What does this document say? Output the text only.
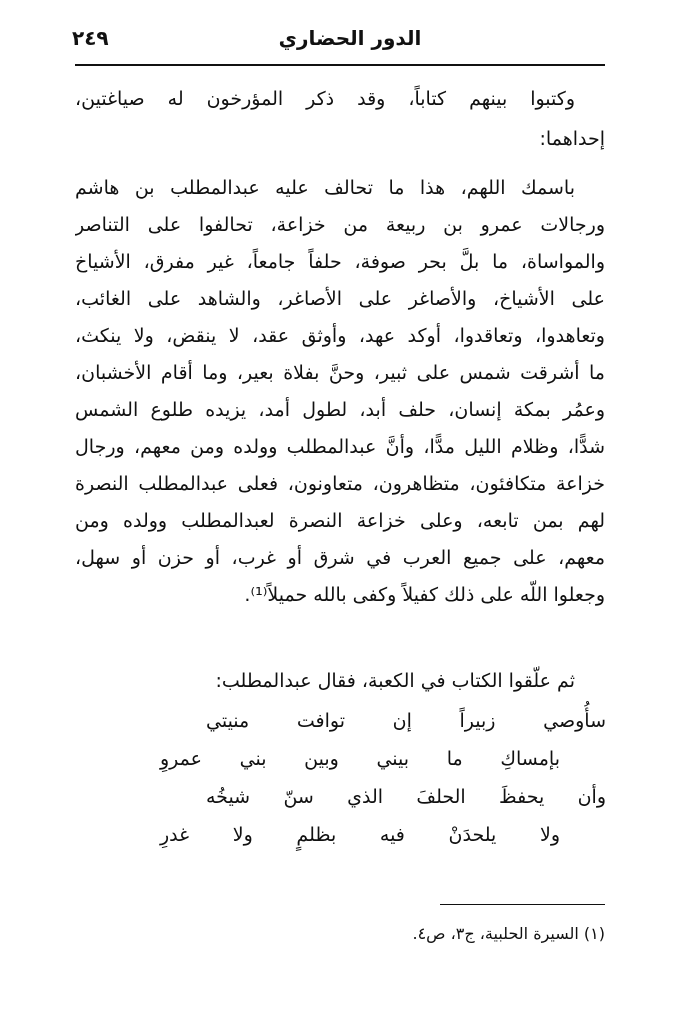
٢٤٩	الدور الحضاري
وكتبوا بينهم كتاباً، وقد ذكر المؤرخون له صياغتين،
إحداهما:
باسمك اللهم، هذا ما تحالف عليه عبدالمطلب بن هاشم
ورجالات عمرو بن ربيعة من خزاعة، تحالفوا على التناصر
والمواساة، ما بلَّ بحر صوفة، حلفاً جامعاً، غير مفرق، الأشياخ
على الأشياخ، والأصاغر على الأصاغر، والشاهد على الغائب،
وتعاهدوا، وتعاقدوا، أوكد عهد، وأوثق عقد، لا ينقض، ولا ينكث،
ما أشرقت شمس على ثبير، وحنَّ بفلاة بعير، وما أقام الأخشبان،
وعمُر بمكة إنسان، حلف أبد، لطول أمد، يزيده طلوع الشمس
شدًّا، وظلام الليل مدًّا، وأنَّ عبدالمطلب وولده ومن معهم، ورجال
خزاعة متكافئون، متظاهرون، متعاونون، فعلى عبدالمطلب النصرة
لهم بمن تابعه، وعلى خزاعة النصرة لعبدالمطلب وولده ومن
معهم، على جميع العرب في شرق أو غرب، أو حزن أو سهل،
وجعلوا اللَّه على ذلك كفيلاً وكفى بالله حميلاً⁽¹⁾.
ثم علَّقوا الكتاب في الكعبة، فقال عبدالمطلب:
سأُوصي زبيراً إن توافت منيتي
بإمساكِ ما بيني وبين بني عمروِ
وأن يحفظَ الحلفَ الذي سنّ شيخُه
ولا يلحدَنْ فيه بظلمٍ ولا غدرِ
(١) السيرة الحلبية، ج٣، ص٤.
